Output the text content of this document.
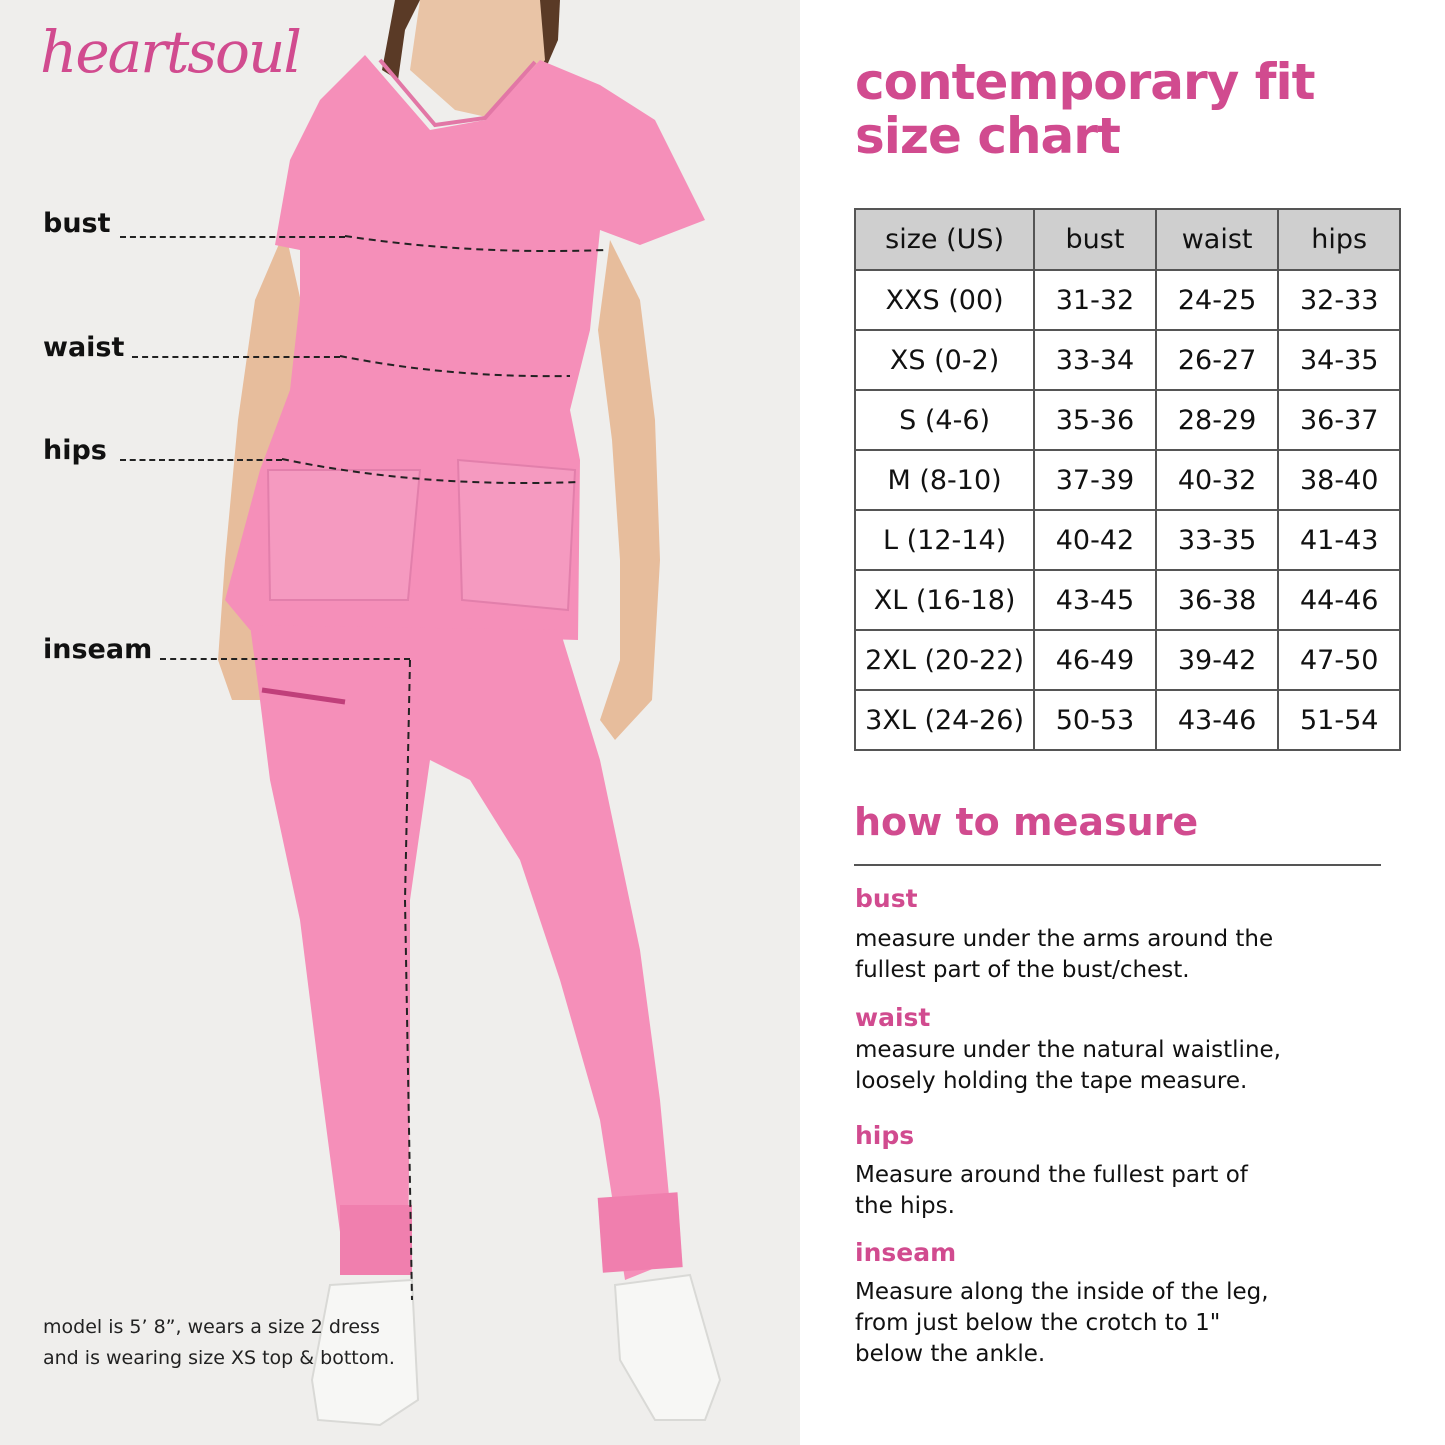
heartsoul
bust
waist
hips
inseam
model is 5’ 8”, wears a size 2 dress
and is wearing size XS top & bottom.
contemporary fit
size chart
size (US)	bust	waist	hips
XXS (00)	31-32	24-25	32-33
XS (0-2)	33-34	26-27	34-35
S (4-6)	35-36	28-29	36-37
M (8-10)	37-39	40-32	38-40
L (12-14)	40-42	33-35	41-43
XL (16-18)	43-45	36-38	44-46
2XL (20-22)	46-49	39-42	47-50
3XL (24-26)	50-53	43-46	51-54
how to measure
bust
measure under the arms around the
fullest part of the bust/chest.
waist
measure under the natural waistline,
loosely holding the tape measure.
hips
Measure around the fullest part of
the hips.
inseam
Measure along the inside of the leg,
from just below the crotch to 1"
below the ankle.
